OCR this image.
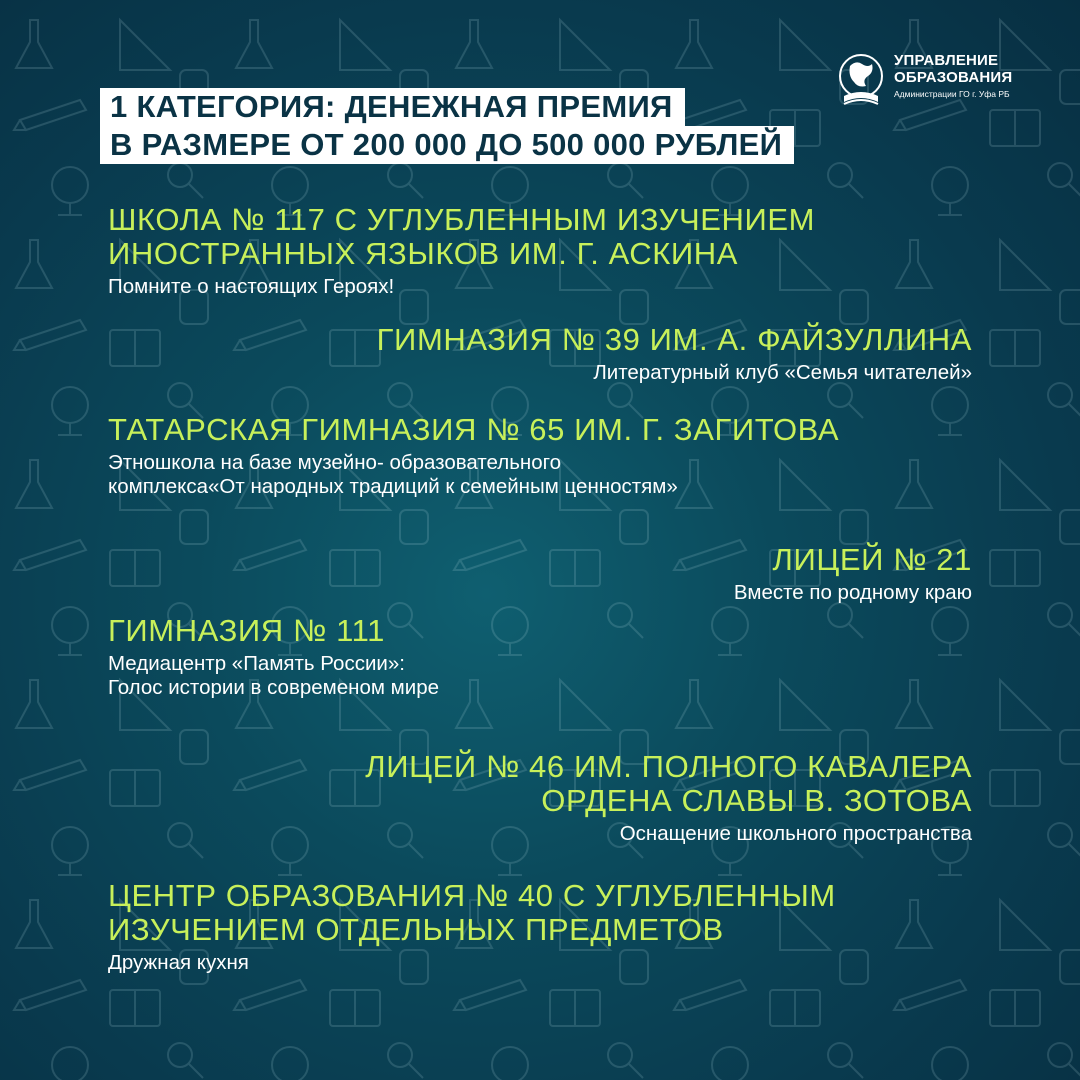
УПРАВЛЕНИЕ
ОБРАЗОВАНИЯ
Администрации ГО г. Уфа РБ
1 КАТЕГОРИЯ: ДЕНЕЖНАЯ ПРЕМИЯ
В РАЗМЕРЕ ОТ 200 000 ДО 500 000 РУБЛЕЙ
ШКОЛА № 117 С УГЛУБЛЕННЫМ ИЗУЧЕНИЕМ
ИНОСТРАННЫХ ЯЗЫКОВ ИМ. Г. АСКИНА
Помните о настоящих Героях!
ГИМНАЗИЯ № 39 ИМ. А. ФАЙЗУЛЛИНА
Литературный клуб «Семья читателей»
ТАТАРСКАЯ ГИМНАЗИЯ № 65 ИМ. Г. ЗАГИТОВА
Этношкола на базе музейно- образовательного
комплекса«От народных традиций к семейным ценностям»
ЛИЦЕЙ № 21
Вместе по родному краю
ГИМНАЗИЯ № 111
Медиацентр «Память России»:
Голос истории в современом мире
ЛИЦЕЙ № 46 ИМ. ПОЛНОГО КАВАЛЕРА
ОРДЕНА СЛАВЫ В. ЗОТОВА
Оснащение школьного пространства
ЦЕНТР ОБРАЗОВАНИЯ № 40 С УГЛУБЛЕННЫМ
ИЗУЧЕНИЕМ ОТДЕЛЬНЫХ ПРЕДМЕТОВ
Дружная кухня
